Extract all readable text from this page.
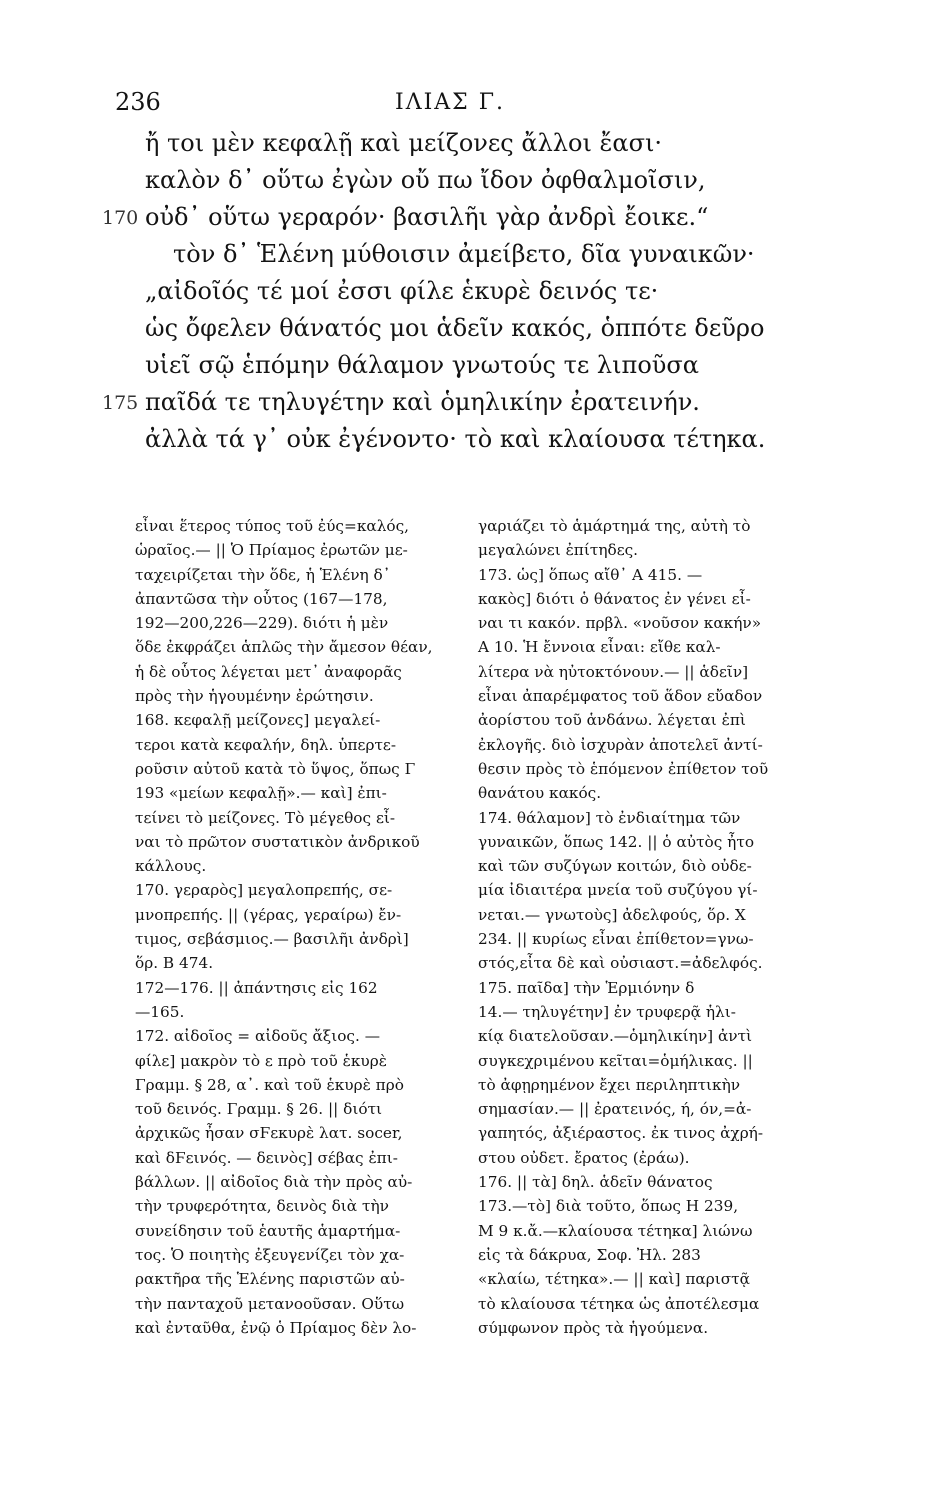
236	ΙΛΙΑΣ Γ.
ἤ τοι μὲν κεφαλῇ καὶ μείζονες ἄλλοι ἔασι·
καλὸν δ᾽ οὕτω ἐγὼν οὔ πω ἴδον ὀφθαλμοῖσιν,
170 οὐδ᾽ οὕτω γεραρόν· βασιλῆι γὰρ ἀνδρὶ ἔοικε.“
τὸν δ᾽ Ἑλένη μύθοισιν ἀμείβετο, δῖα γυναικῶν·
„αἰδοῖός τέ μοί ἐσσι φίλε ἑκυρὲ δεινός τε·
ὡς ὄφελεν θάνατός μοι ἁδεῖν κακός, ὁππότε δεῦρο
υἱεῖ σῷ ἑπόμην θάλαμον γνωτούς τε λιποῦσα
175 παῖδά τε τηλυγέτην καὶ ὁμηλικίην ἐρατεινήν.
ἀλλὰ τά γ᾽ οὐκ ἐγένοντο· τὸ καὶ κλαίουσα τέτηκα.
εἶναι ἕτερος τύπος τοῦ ἐύς=καλός,
ὡραῖος.— || Ὁ Πρίαμος ἐρωτῶν με-
ταχειρίζεται τὴν ὅδε, ἡ Ἑλένη δ᾽
ἀπαντῶσα τὴν οὗτος (167—178,
192—200,226—229). διότι ἡ μὲν
ὅδε ἐκφράζει ἁπλῶς τὴν ἄμεσον θέαν,
ἡ δὲ οὗτος λέγεται μετ᾽ ἀναφορᾶς
πρὸς τὴν ἡγουμένην ἐρώτησιν.
168. κεφαλῇ μείζονες] μεγαλεί-
τεροι κατὰ κεφαλήν, δηλ. ὑπερτε-
ροῦσιν αὐτοῦ κατὰ τὸ ὕψος, ὅπως Γ
193 «μείων κεφαλῇ».— καὶ] ἐπι-
τείνει τὸ μείζονες. Τὸ μέγεθος εἶ-
ναι τὸ πρῶτον συστατικὸν ἀνδρικοῦ
κάλλους.
170. γεραρὸς] μεγαλοπρεπής, σε-
μνοπρεπής. || (γέρας, γεραίρω) ἔν-
τιμος, σεβάσμιος.— βασιλῆι ἀνδρὶ]
ὅρ. Β 474.
172—176. || ἀπάντησις εἰς 162
—165.
172. αἰδοῖος = αἰδοῦς ἄξιος. —
φίλε] μακρὸν τὸ ε πρὸ τοῦ ἑκυρὲ
Γραμμ. § 28, α᾽. καὶ τοῦ ἑκυρὲ πρὸ
τοῦ δεινός. Γραμμ. § 26. || διότι
ἀρχικῶς ἦσαν σϜεκυρὲ λατ. socer,
καὶ δϜεινός. — δεινὸς] σέβας ἐπι-
βάλλων. || αἰδοῖος διὰ τὴν πρὸς αὐ-
τὴν τρυφερότητα, δεινὸς διὰ τὴν
συνείδησιν τοῦ ἑαυτῆς ἁμαρτήμα-
τος. Ὁ ποιητὴς ἐξευγενίζει τὸν χα-
ρακτῆρα τῆς Ἑλένης παριστῶν αὐ-
τὴν πανταχοῦ μετανοοῦσαν. Οὕτω
καὶ ἐνταῦθα, ἐνῷ ὁ Πρίαμος δὲν λο-
γαριάζει τὸ ἁμάρτημά της, αὐτὴ τὸ
μεγαλώνει ἐπίτηδες.
173. ὡς] ὅπως αἴθ᾽ Α 415. —
κακὸς] διότι ὁ θάνατος ἐν γένει εἶ-
ναι τι κακόν. πρβλ. «νοῦσον κακήν»
Α 10. Ἡ ἔννοια εἶναι: εἴθε καλ-
λίτερα νὰ ηὐτοκτόνουν.— || ἁδεῖν]
εἶναι ἀπαρέμφατος τοῦ ἅδον εὔαδον
ἀορίστου τοῦ ἁνδάνω. λέγεται ἐπὶ
ἐκλογῆς. διὸ ἰσχυρὰν ἀποτελεῖ ἀντί-
θεσιν πρὸς τὸ ἑπόμενον ἐπίθετον τοῦ
θανάτου κακός.
174. θάλαμον] τὸ ἐνδιαίτημα τῶν
γυναικῶν, ὅπως 142. || ὁ αὐτὸς ἦτο
καὶ τῶν συζύγων κοιτών, διὸ οὐδε-
μία ἰδιαιτέρα μνεία τοῦ συζύγου γί-
νεται.— γνωτοὺς] ἀδελφούς, ὅρ. Χ
234. || κυρίως εἶναι ἐπίθετον=γνω-
στός,εἶτα δὲ καὶ οὐσιαστ.=ἀδελφός.
175. παῖδα] τὴν Ἑρμιόνην δ
14.— τηλυγέτην] ἐν τρυφερᾷ ἡλι-
κίᾳ διατελοῦσαν.—ὁμηλικίην] ἀντὶ
συγκεχριμένου κεῖται=ὁμήλικας. ||
τὸ ἀφῃρημένον ἔχει περιληπτικὴν
σημασίαν.— || ἐρατεινός, ή, όν,=ἀ-
γαπητός, ἀξιέραστος. ἐκ τινος ἀχρή-
στου οὐδετ. ἔρατος (ἐράω).
176. || τὰ] δηλ. ἁδεῖν θάνατος
173.—τὸ] διὰ τοῦτο, ὅπως Η 239,
Μ 9 κ.ἄ.—κλαίουσα τέτηκα] λιώνω
εἰς τὰ δάκρυα, Σοφ. Ἠλ. 283
«κλαίω, τέτηκα».— || καὶ] παριστᾷ
τὸ κλαίουσα τέτηκα ὡς ἀποτέλεσμα
σύμφωνον πρὸς τὰ ἡγούμενα.
